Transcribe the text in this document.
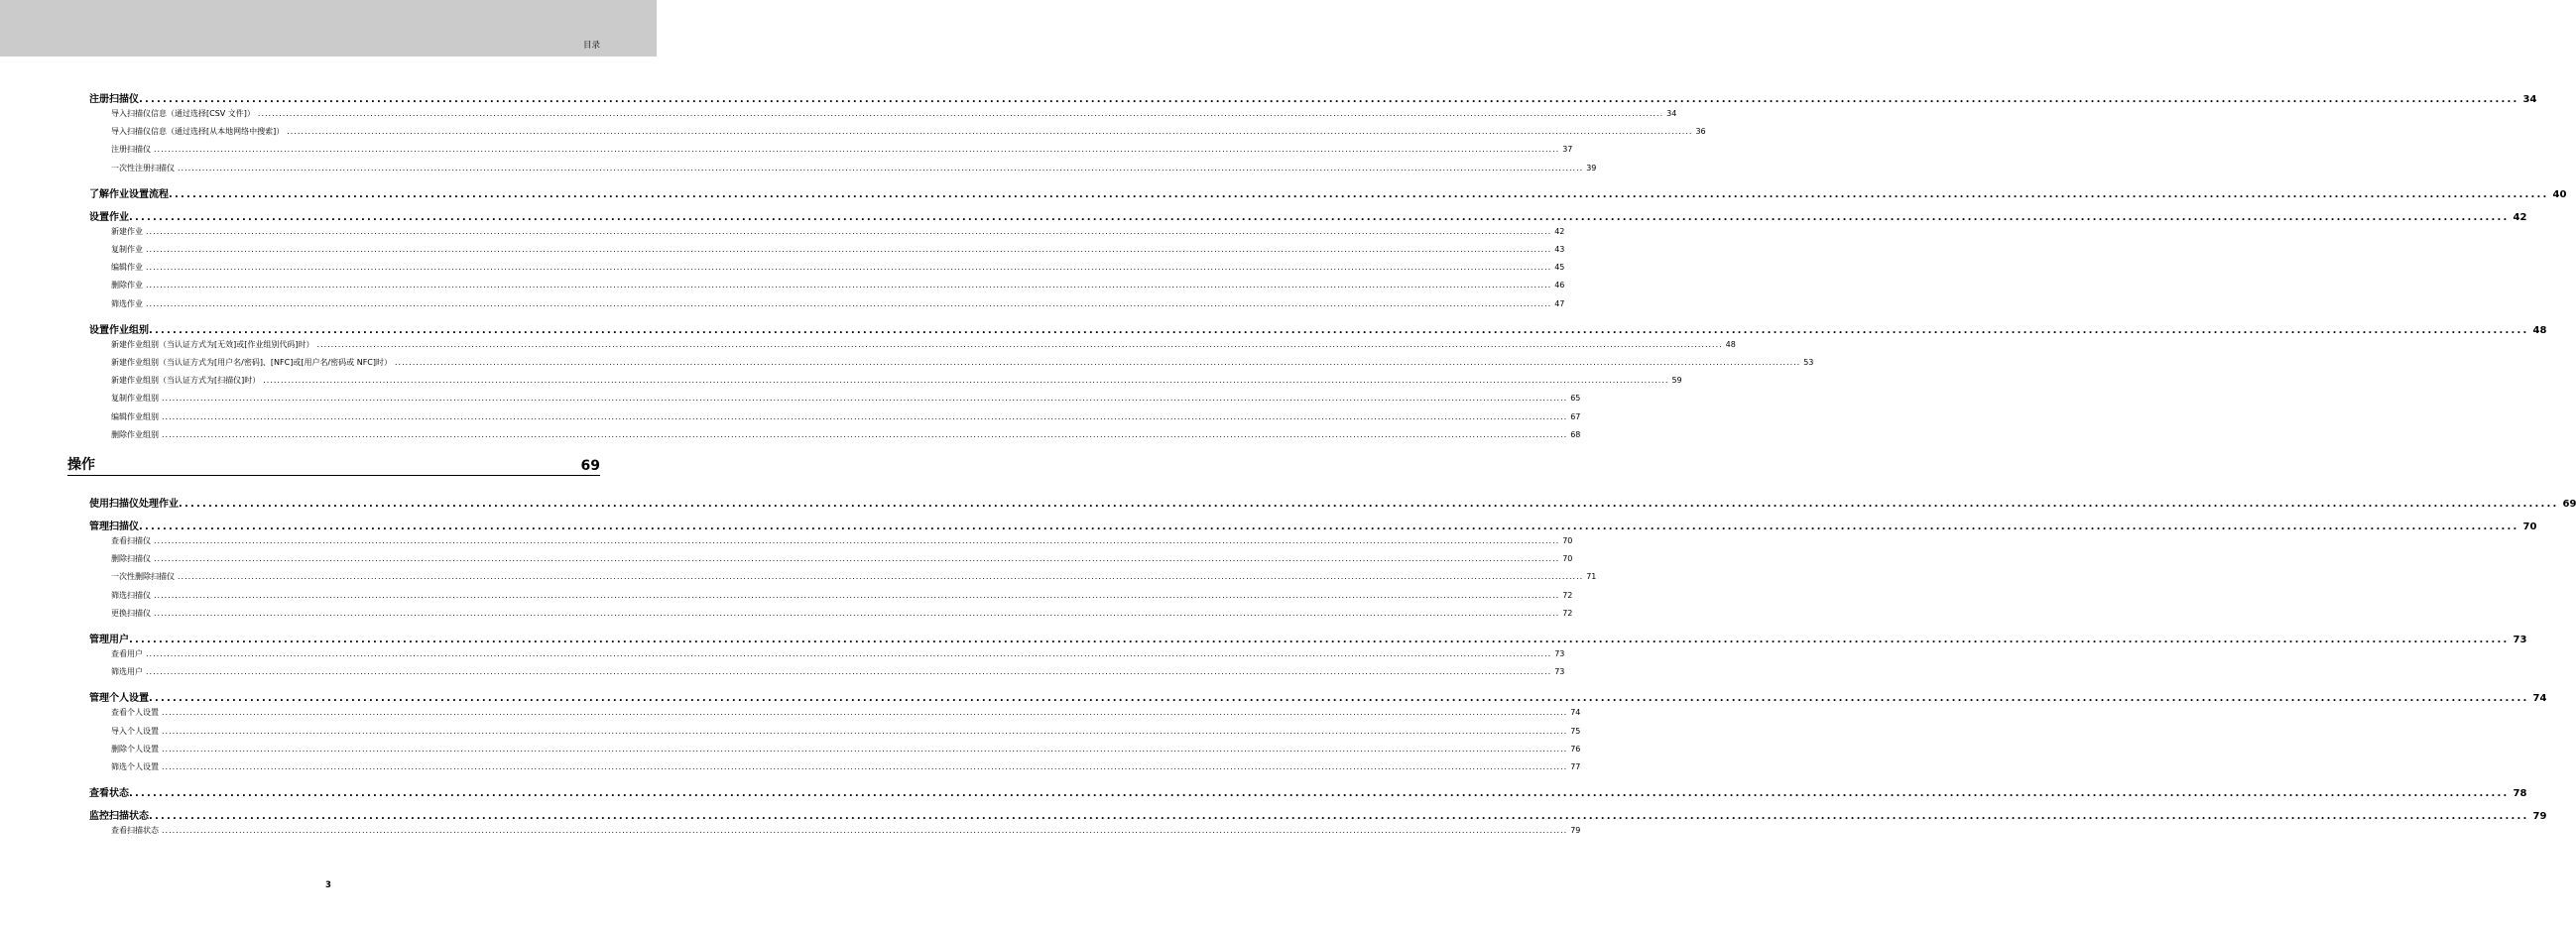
目录
注册扫描仪 ................................................................................................................................................................................................................................................................................................................................................................................................................ 34
导入扫描仪信息（通过选择[CSV 文件]） ................................................................................................................................................................................................................................................................................................................................................................................................................ 34
导入扫描仪信息（通过选择[从本地网络中搜索]） ................................................................................................................................................................................................................................................................................................................................................................................................................ 36
注册扫描仪 ................................................................................................................................................................................................................................................................................................................................................................................................................ 37
一次性注册扫描仪 ................................................................................................................................................................................................................................................................................................................................................................................................................ 39
了解作业设置流程 ................................................................................................................................................................................................................................................................................................................................................................................................................ 40
设置作业 ................................................................................................................................................................................................................................................................................................................................................................................................................ 42
新建作业 ................................................................................................................................................................................................................................................................................................................................................................................................................ 42
复制作业 ................................................................................................................................................................................................................................................................................................................................................................................................................ 43
编辑作业 ................................................................................................................................................................................................................................................................................................................................................................................................................ 45
删除作业 ................................................................................................................................................................................................................................................................................................................................................................................................................ 46
筛选作业 ................................................................................................................................................................................................................................................................................................................................................................................................................ 47
设置作业组别 ................................................................................................................................................................................................................................................................................................................................................................................................................ 48
新建作业组别（当认证方式为[无效]或[作业组别代码]时） ................................................................................................................................................................................................................................................................................................................................................................................................................ 48
新建作业组别（当认证方式为[用户名/密码]、[NFC]或[用户名/密码或 NFC]时） ................................................................................................................................................................................................................................................................................................................................................................................................................ 53
新建作业组别（当认证方式为[扫描仪]时） ................................................................................................................................................................................................................................................................................................................................................................................................................ 59
复制作业组别 ................................................................................................................................................................................................................................................................................................................................................................................................................ 65
编辑作业组别 ................................................................................................................................................................................................................................................................................................................................................................................................................ 67
删除作业组别 ................................................................................................................................................................................................................................................................................................................................................................................................................ 68
操作	69
使用扫描仪处理作业 ................................................................................................................................................................................................................................................................................................................................................................................................................ 69
管理扫描仪 ................................................................................................................................................................................................................................................................................................................................................................................................................ 70
查看扫描仪 ................................................................................................................................................................................................................................................................................................................................................................................................................ 70
删除扫描仪 ................................................................................................................................................................................................................................................................................................................................................................................................................ 70
一次性删除扫描仪 ................................................................................................................................................................................................................................................................................................................................................................................................................ 71
筛选扫描仪 ................................................................................................................................................................................................................................................................................................................................................................................................................ 72
更换扫描仪 ................................................................................................................................................................................................................................................................................................................................................................................................................ 72
管理用户 ................................................................................................................................................................................................................................................................................................................................................................................................................ 73
查看用户 ................................................................................................................................................................................................................................................................................................................................................................................................................ 73
筛选用户 ................................................................................................................................................................................................................................................................................................................................................................................................................ 73
管理个人设置 ................................................................................................................................................................................................................................................................................................................................................................................................................ 74
查看个人设置 ................................................................................................................................................................................................................................................................................................................................................................................................................ 74
导入个人设置 ................................................................................................................................................................................................................................................................................................................................................................................................................ 75
删除个人设置 ................................................................................................................................................................................................................................................................................................................................................................................................................ 76
筛选个人设置 ................................................................................................................................................................................................................................................................................................................................................................................................................ 77
查看状态 ................................................................................................................................................................................................................................................................................................................................................................................................................ 78
监控扫描状态 ................................................................................................................................................................................................................................................................................................................................................................................................................ 79
查看扫描状态 ................................................................................................................................................................................................................................................................................................................................................................................................................ 79
3
